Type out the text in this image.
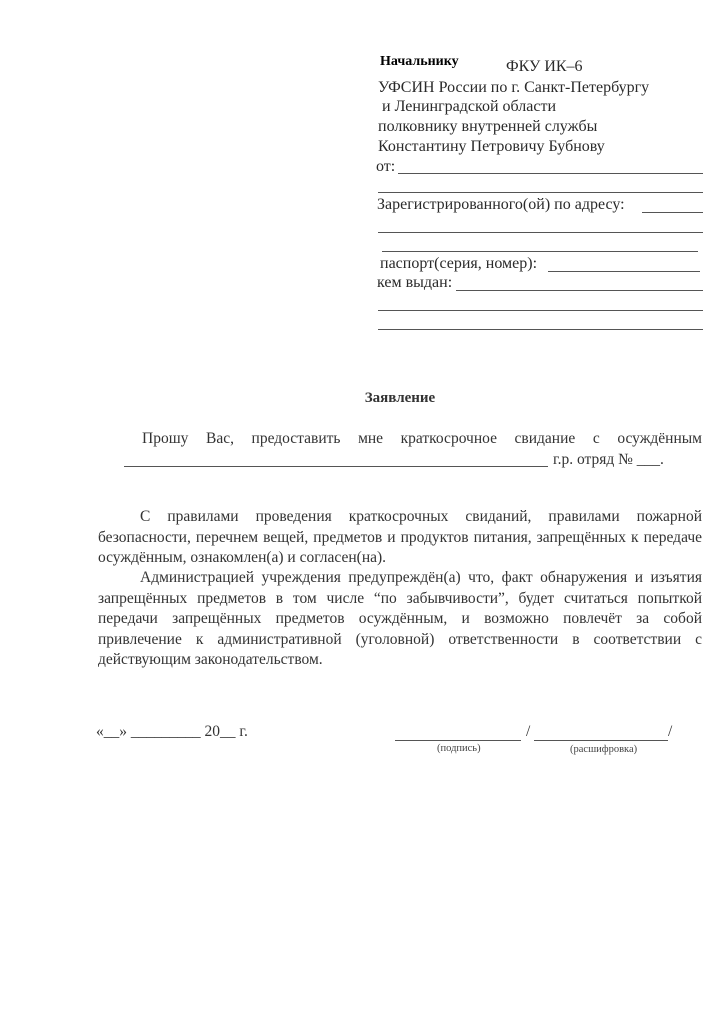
Начальнику	ФКУ ИК–6
УФСИН России по г. Санкт-Петербургу
и Ленинградской области
полковнику внутренней службы
Константину Петровичу Бубнову
от:
Зарегистрированного(ой) по адресу:
паспорт(серия, номер):
кем выдан:
Заявление
Прошу Вас, предоставить мне краткосрочное свидание с осуждённым
г.р. отряд № ___.
С правилами проведения краткосрочных свиданий, правилами пожарной безопасности, перечнем вещей, предметов и продуктов питания, запрещённых к передаче осуждённым, ознакомлен(а) и согласен(на).
Администрацией учреждения предупреждён(а) что, факт обнаружения и изъятия запрещённых предметов в том числе “по забывчивости”, будет считаться попыткой передачи запрещённых предметов осуждённым, и возможно повлечёт за собой привлечение к административной (уголовной) ответственности в соответствии с действующим законодательством.
«__» _________ 20__ г.	/	/
(подпись)	(расшифровка)
